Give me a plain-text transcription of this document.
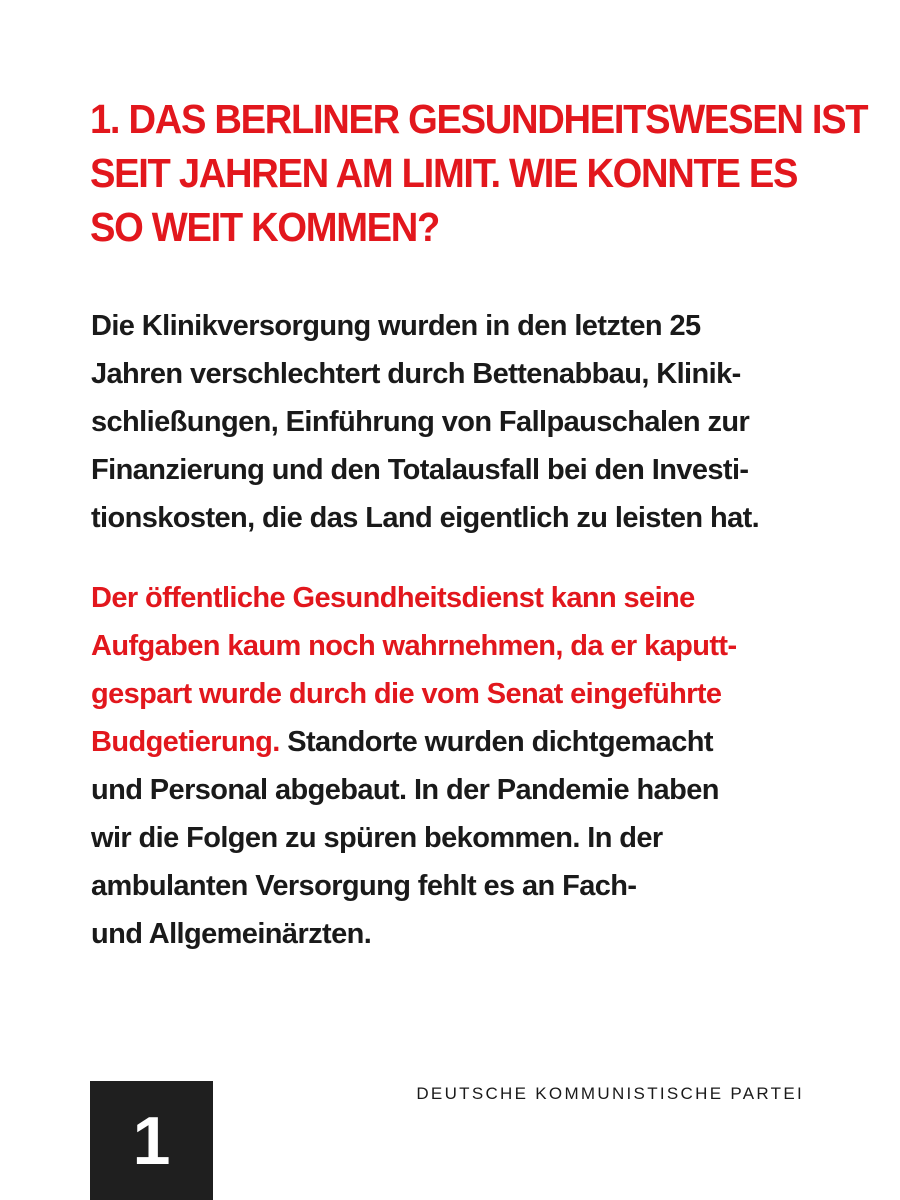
1. DAS BERLINER GESUNDHEITSWESEN IST
SEIT JAHREN AM LIMIT. WIE KONNTE ES
SO WEIT KOMMEN?

Die Klinikversorgung wurden in den letzten 25
Jahren verschlechtert durch Bettenabbau, Klinik-
schließungen, Einführung von Fallpauschalen zur
Finanzierung und den Totalausfall bei den Investi-
tionskosten, die das Land eigentlich zu leisten hat.

Der öffentliche Gesundheitsdienst kann seine
Aufgaben kaum noch wahrnehmen, da er kaputt-
gespart wurde durch die vom Senat eingeführte
Budgetierung. Standorte wurden dichtgemacht
und Personal abgebaut. In der Pandemie haben
wir die Folgen zu spüren bekommen. In der
ambulanten Versorgung fehlt es an Fach-
und Allgemeinärzten.

1

DEUTSCHE KOMMUNISTISCHE PARTEI
